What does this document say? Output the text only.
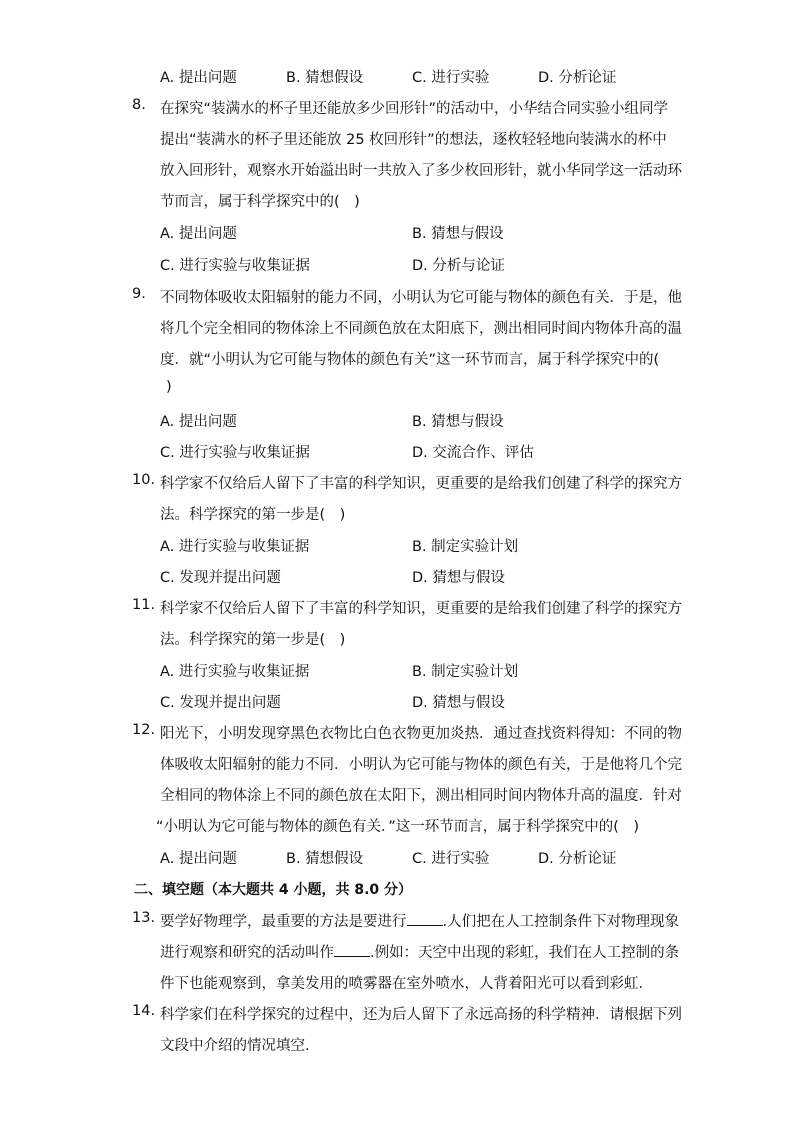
A. 提出问题	B. 猜想假设	C. 进行实验	D. 分析论证
8. 在探究“装满水的杯子里还能放多少回形针”的活动中，小华结合同实验小组同学
提出“装满水的杯子里还能放 25 枚回形针”的想法，逐枚轻轻地向装满水的杯中
放入回形针，观察水开始溢出时一共放入了多少枚回形针，就小华同学这一活动环
节而言，属于科学探究中的(　)
A. 提出问题	B. 猜想与假设
C. 进行实验与收集证据	D. 分析与论证
9. 不同物体吸收太阳辐射的能力不同，小明认为它可能与物体的颜色有关．于是，他
将几个完全相同的物体涂上不同颜色放在太阳底下，测出相同时间内物体升高的温
度．就“小明认为它可能与物体的颜色有关”这一环节而言，属于科学探究中的(
)
A. 提出问题	B. 猜想与假设
C. 进行实验与收集证据	D. 交流合作、评估
10. 科学家不仅给后人留下了丰富的科学知识，更重要的是给我们创建了科学的探究方
法。科学探究的第一步是(　)
A. 进行实验与收集证据	B. 制定实验计划
C. 发现并提出问题	D. 猜想与假设
11. 科学家不仅给后人留下了丰富的科学知识，更重要的是给我们创建了科学的探究方
法。科学探究的第一步是(　)
A. 进行实验与收集证据	B. 制定实验计划
C. 发现并提出问题	D. 猜想与假设
12. 阳光下，小明发现穿黑色衣物比白色衣物更加炎热．通过查找资料得知：不同的物
体吸收太阳辐射的能力不同．小明认为它可能与物体的颜色有关，于是他将几个完
全相同的物体涂上不同的颜色放在太阳下，测出相同时间内物体升高的温度．针对
“小明认为它可能与物体的颜色有关．”这一环节而言，属于科学探究中的(　)
A. 提出问题	B. 猜想假设	C. 进行实验	D. 分析论证
二、填空题（本大题共 4 小题，共 8.0 分）
13. 要学好物理学，最重要的方法是要进行 .人们把在人工控制条件下对物理现象
进行观察和研究的活动叫作 .例如：天空中出现的彩虹，我们在人工控制的条
件下也能观察到，拿美发用的喷雾器在室外喷水，人背着阳光可以看到彩虹．
14. 科学家们在科学探究的过程中，还为后人留下了永远高扬的科学精神．请根据下列
文段中介绍的情况填空．
